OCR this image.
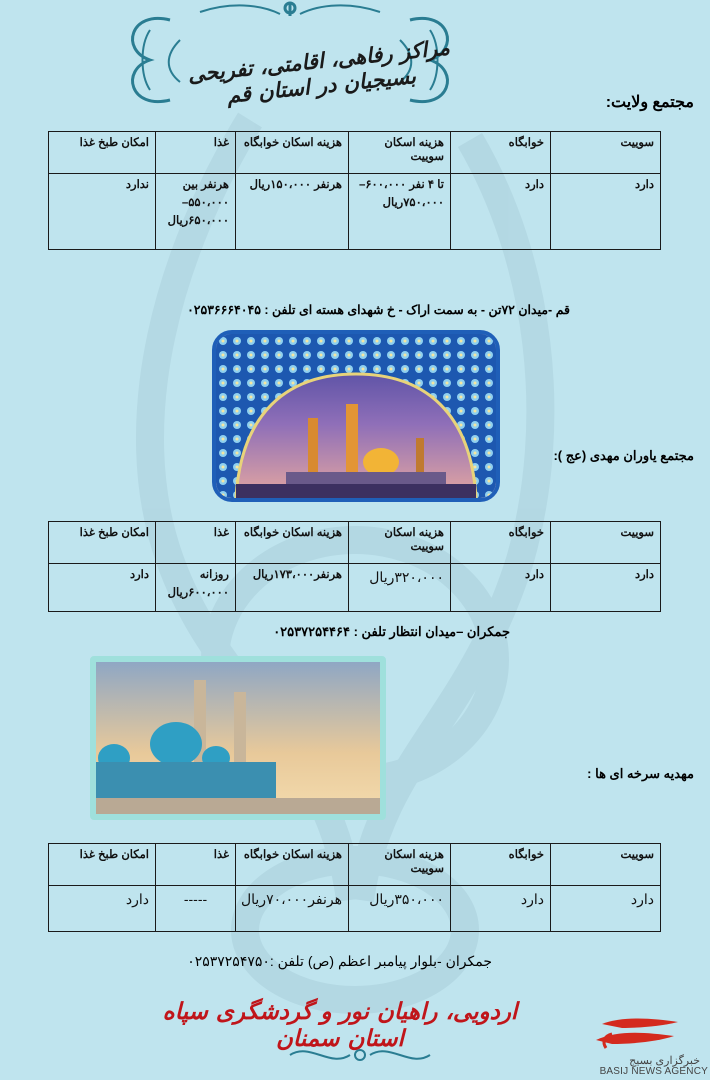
مراکز رفاهی، اقامتی، تفریحی بسیجیان در استان قم	مجتمع ولایت:
سوییت	خوابگاه	هزینه اسکان سوییت	هزینه اسکان خوابگاه	غذا	امکان طبخ غذا
دارد	دارد	تا ۴ نفر ۶۰۰،۰۰۰– ۷۵۰،۰۰۰ریال	هرنفر ۱۵۰،۰۰۰ریال	هرنفر بین ۵۵۰،۰۰۰– ۶۵۰،۰۰۰ریال	ندارد
قم -میدان ۷۲تن - به سمت اراک - خ شهدای هسته ای تلفن : ۰۲۵۳۶۶۶۴۰۴۵
مجتمع یاوران مهدی (عج ):
سوییت	خوابگاه	هزینه اسکان سوییت	هزینه اسکان خوابگاه	غذا	امکان طبخ غذا
دارد	دارد	۳۲۰،۰۰۰ریال	هرنفر۱۷۳،۰۰۰ریال	روزانه ۶۰۰،۰۰۰ریال	دارد
جمکران –میدان انتظار تلفن : ۰۲۵۳۷۲۵۴۴۶۴
مهدیه سرخه ای ها :
سوییت	خوابگاه	هزینه اسکان سوییت	هزینه اسکان خوابگاه	غذا	امکان طبخ غذا
دارد	دارد	۳۵۰،۰۰۰ریال	هرنفر۷۰،۰۰۰ریال	-----	دارد
جمکران -بلوار پیامبر اعظم (ص) تلفن :۰۲۵۳۷۲۵۴۷۵۰
اردویی، راهیان نور و گردشگری سپاه استان سمنان
خبرگزاری بسیج
BASIJ NEWS AGENCY
